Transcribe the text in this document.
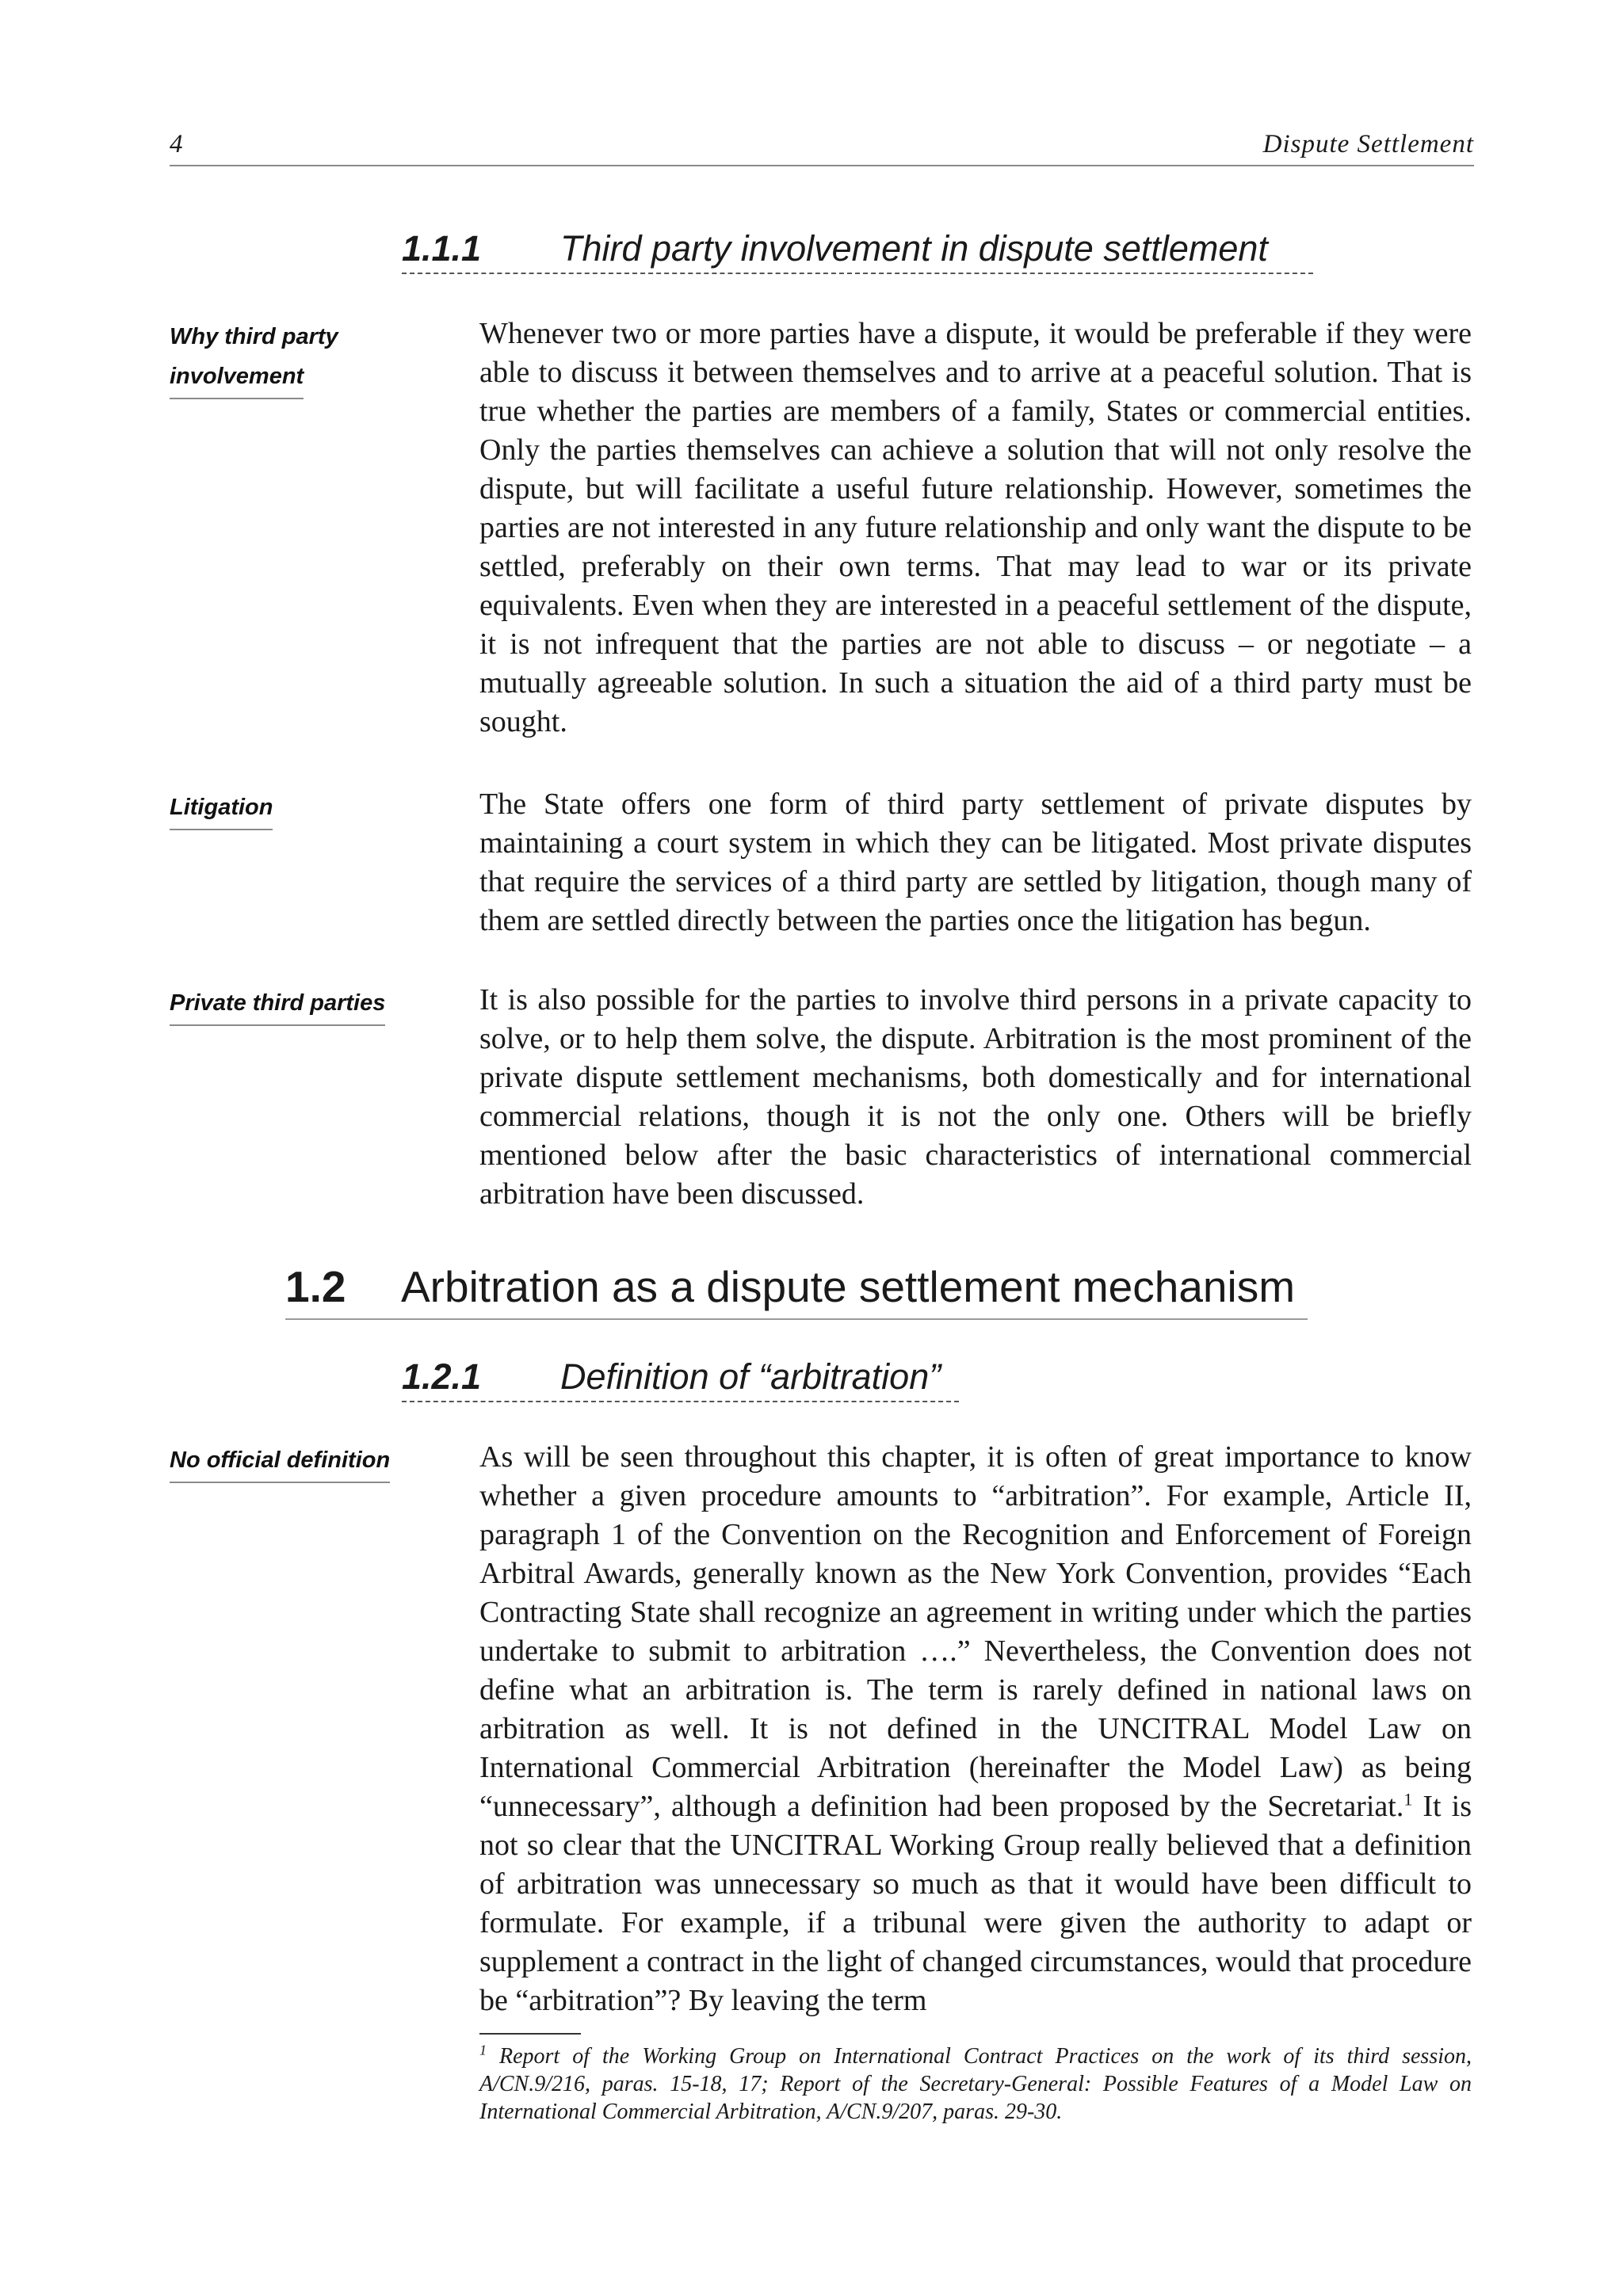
4	Dispute Settlement
1.1.1 Third party involvement in dispute settlement
Why third party
involvement
Whenever two or more parties have a dispute, it would be preferable if they were able to discuss it between themselves and to arrive at a peaceful solution. That is true whether the parties are members of a family, States or commercial entities. Only the parties themselves can achieve a solution that will not only resolve the dispute, but will facilitate a useful future relationship. However, sometimes the parties are not interested in any future relationship and only want the dispute to be settled, preferably on their own terms. That may lead to war or its private equivalents. Even when they are interested in a peaceful settlement of the dispute, it is not infrequent that the parties are not able to discuss – or negotiate – a mutually agreeable solution. In such a situation the aid of a third party must be sought.
Litigation	The State offers one form of third party settlement of private disputes by maintaining a court system in which they can be litigated. Most private disputes that require the services of a third party are settled by litigation, though many of them are settled directly between the parties once the litigation has begun.
Private third parties	It is also possible for the parties to involve third persons in a private capacity to solve, or to help them solve, the dispute. Arbitration is the most prominent of the private dispute settlement mechanisms, both domestically and for international commercial relations, though it is not the only one. Others will be briefly mentioned below after the basic characteristics of international commercial arbitration have been discussed.
1.2 Arbitration as a dispute settlement mechanism
1.2.1 Definition of “arbitration”
No official definition	As will be seen throughout this chapter, it is often of great importance to know whether a given procedure amounts to “arbitration”. For example, Article II, paragraph 1 of the Convention on the Recognition and Enforcement of Foreign Arbitral Awards, generally known as the New York Convention, provides “Each Contracting State shall recognize an agreement in writing under which the parties undertake to submit to arbitration ….” Nevertheless, the Convention does not define what an arbitration is. The term is rarely defined in national laws on arbitration as well. It is not defined in the UNCITRAL Model Law on International Commercial Arbitration (hereinafter the Model Law) as being “unnecessary”, although a definition had been proposed by the Secretariat.$^1$ It is not so clear that the UNCITRAL Working Group really believed that a definition of arbitration was unnecessary so much as that it would have been difficult to formulate. For example, if a tribunal were given the authority to adapt or supplement a contract in the light of changed circumstances, would that procedure be “arbitration”? By leaving the term
$^1$ Report of the Working Group on International Contract Practices on the work of its third session, A/CN.9/216, paras. 15-18, 17; Report of the Secretary-General: Possible Features of a Model Law on International Commercial Arbitration, A/CN.9/207, paras. 29-30.
